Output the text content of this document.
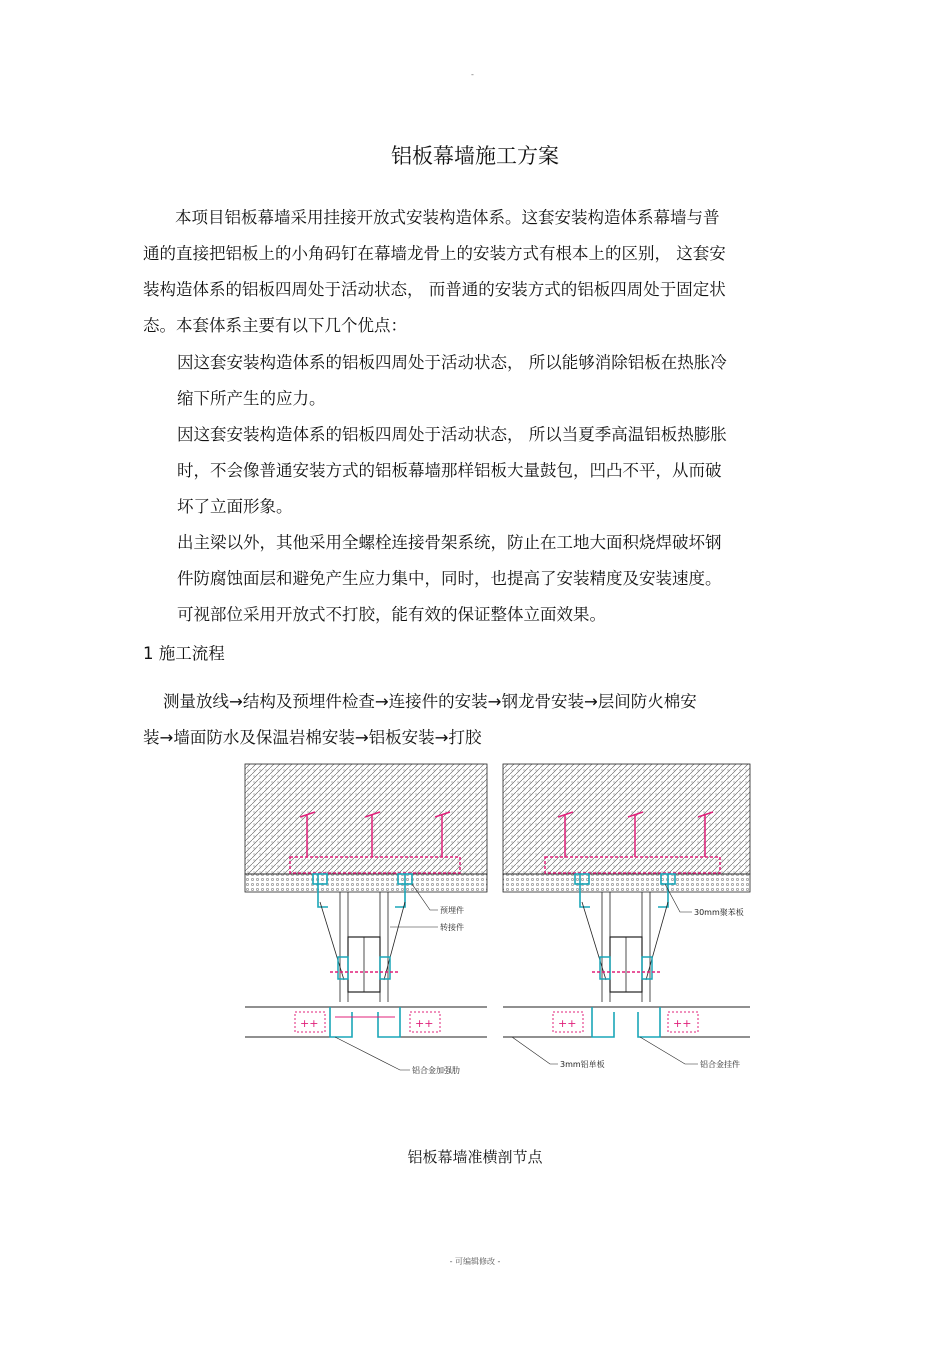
-
铝板幕墙施工方案
本项目铝板幕墙采用挂接开放式安装构造体系。这套安装构造体系幕墙与普
通的直接把铝板上的小角码钉在幕墙龙骨上的安装方式有根本上的区别， 这套安
装构造体系的铝板四周处于活动状态， 而普通的安装方式的铝板四周处于固定状
态。本套体系主要有以下几个优点：
因这套安装构造体系的铝板四周处于活动状态， 所以能够消除铝板在热胀冷
缩下所产生的应力。
因这套安装构造体系的铝板四周处于活动状态， 所以当夏季高温铝板热膨胀
时，不会像普通安装方式的铝板幕墙那样铝板大量鼓包，凹凸不平，从而破
坏了立面形象。
出主梁以外，其他采用全螺栓连接骨架系统，防止在工地大面积烧焊破坏钢
件防腐蚀面层和避免产生应力集中，同时，也提高了安装精度及安装速度。
可视部位采用开放式不打胶，能有效的保证整体立面效果。
1 施工流程
测量放线→结构及预埋件检查→连接件的安装→钢龙骨安装→层间防火棉安
装→墙面防水及保温岩棉安装→铝板安装→打胶
++	++
预埋件
转接件
铝合金加强肋
++	++
30mm聚苯板
3mm铝单板	铝合金挂件
铝板幕墙准横剖节点
- 可编辑修改 -
